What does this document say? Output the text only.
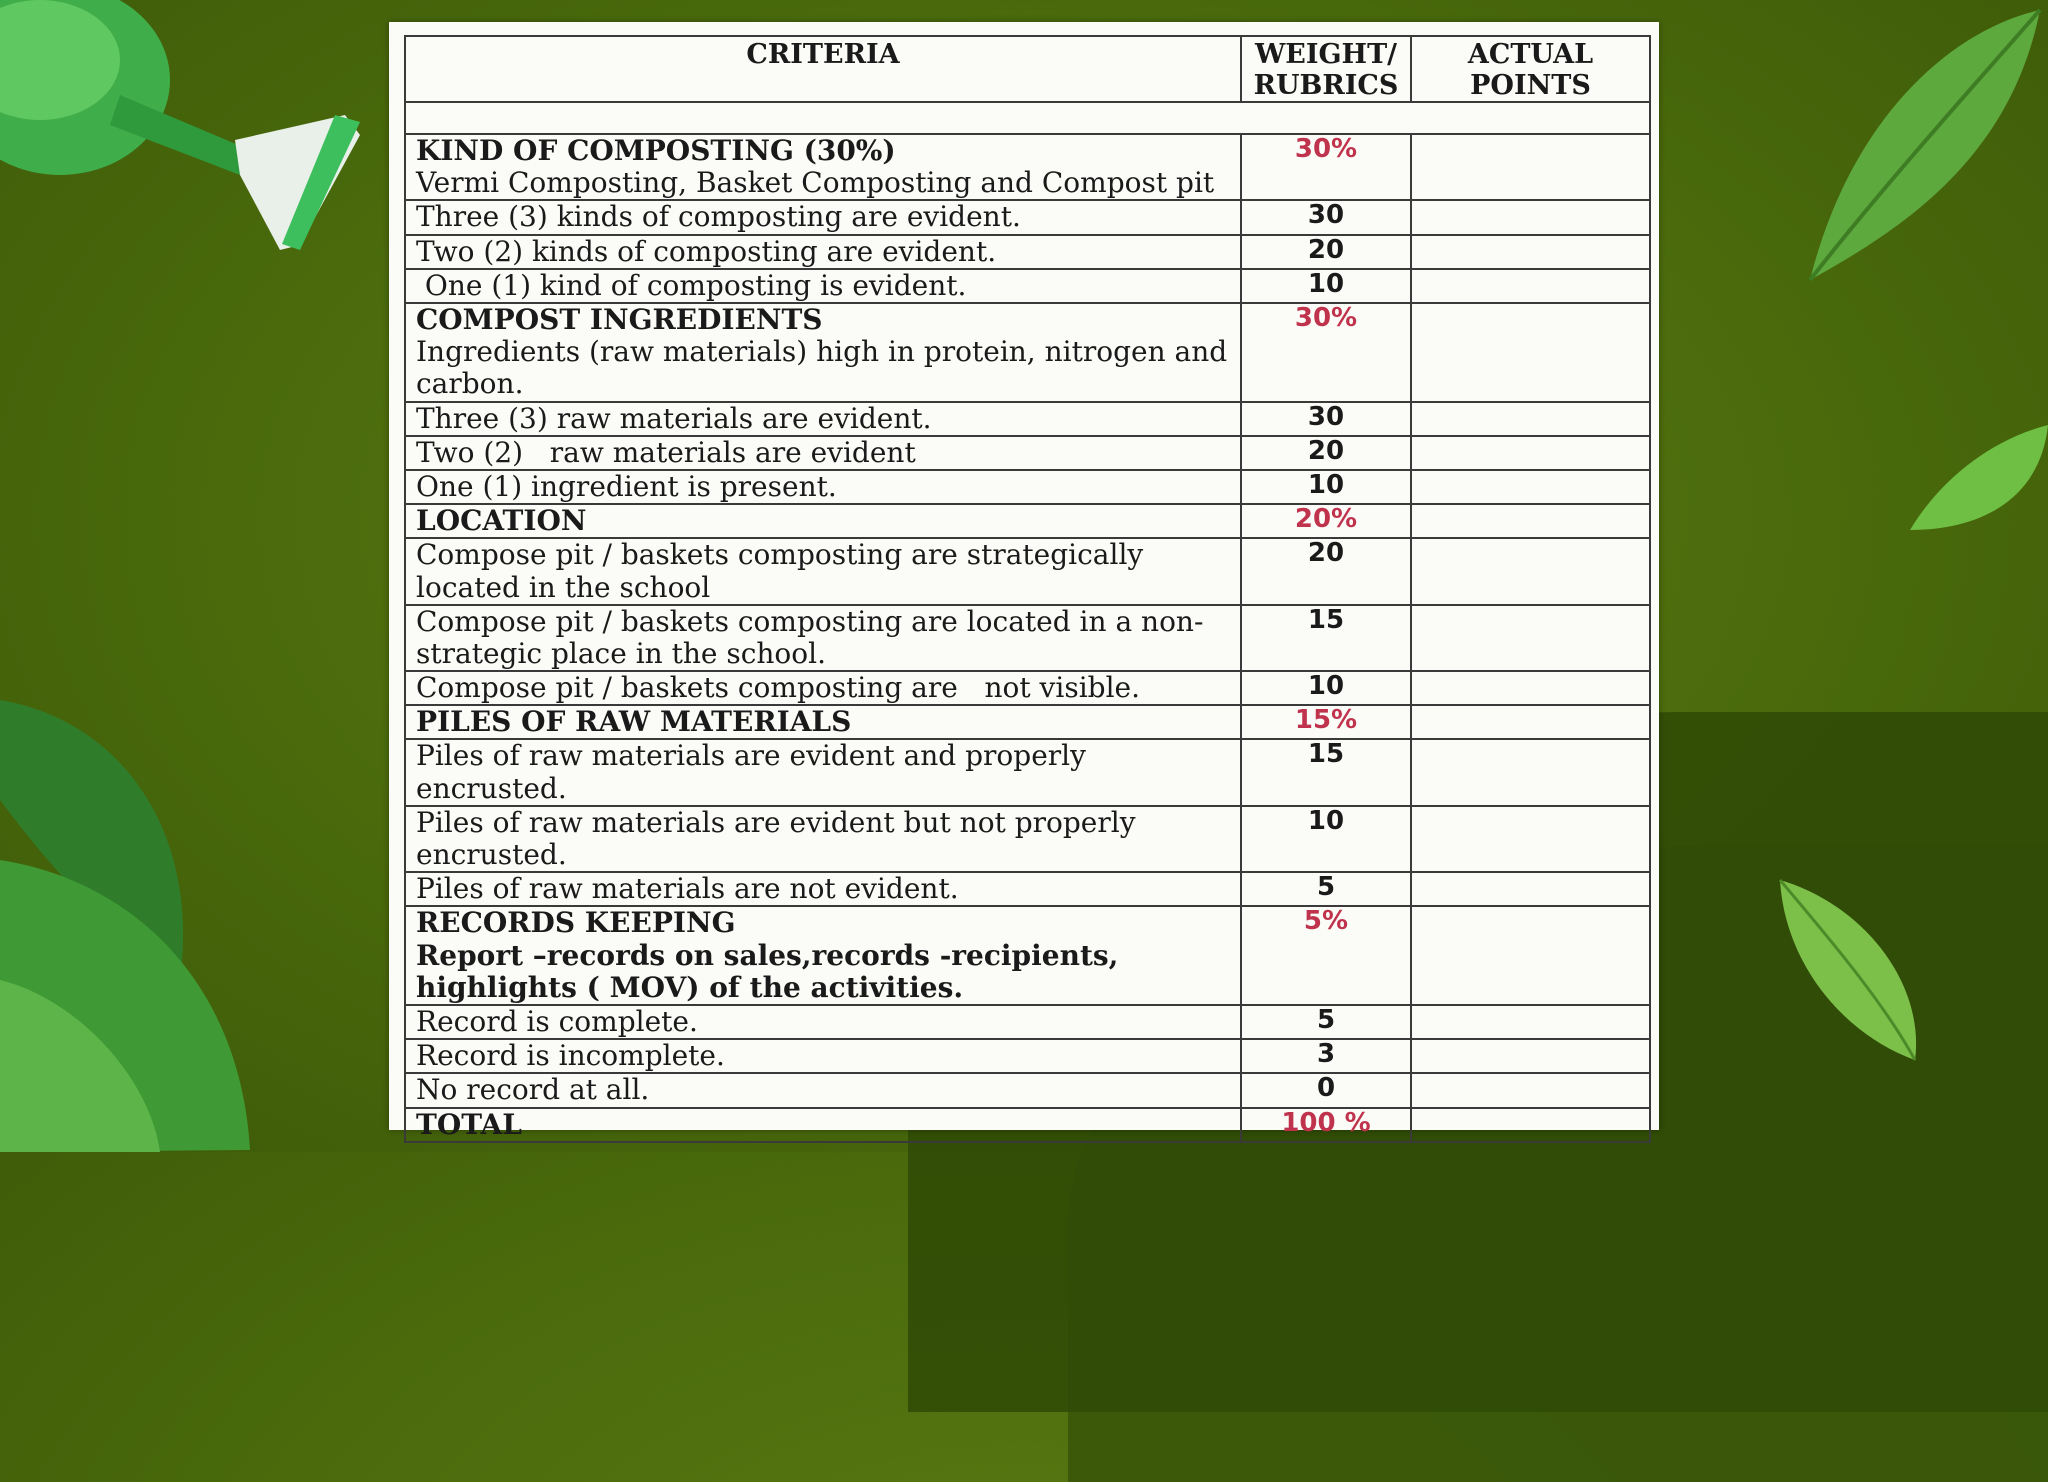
CRITERIA	WEIGHT/ RUBRICS	ACTUAL POINTS

KIND OF COMPOSTING (30%)
Vermi Composting, Basket Composting and Compost pit	30%	
Three (3) kinds of composting are evident.	30	
Two (2) kinds of composting are evident.	20	
One (1) kind of composting is evident.	10	

COMPOST INGREDIENTS
Ingredients (raw materials) high in protein, nitrogen and carbon.	30%	
Three (3) raw materials are evident.	30	
Two (2)   raw materials are evident	20	
One (1) ingredient is present.	10	
LOCATION	20%	
Compose pit / baskets composting are strategically located in the school	20	
Compose pit / baskets composting are located in a non-strategic place in the school.	15	
Compose pit / baskets composting are   not visible.	10	
PILES OF RAW MATERIALS	15%	
Piles of raw materials are evident and properly encrusted.	15	
Piles of raw materials are evident but not properly encrusted.	10	
Piles of raw materials are not evident.	5	

RECORDS KEEPING
Report –records on sales,records -recipients, highlights ( MOV) of the activities.	5%	
Record is complete.	5	
Record is incomplete.	3	
No record at all.	0	
TOTAL	100 %	
